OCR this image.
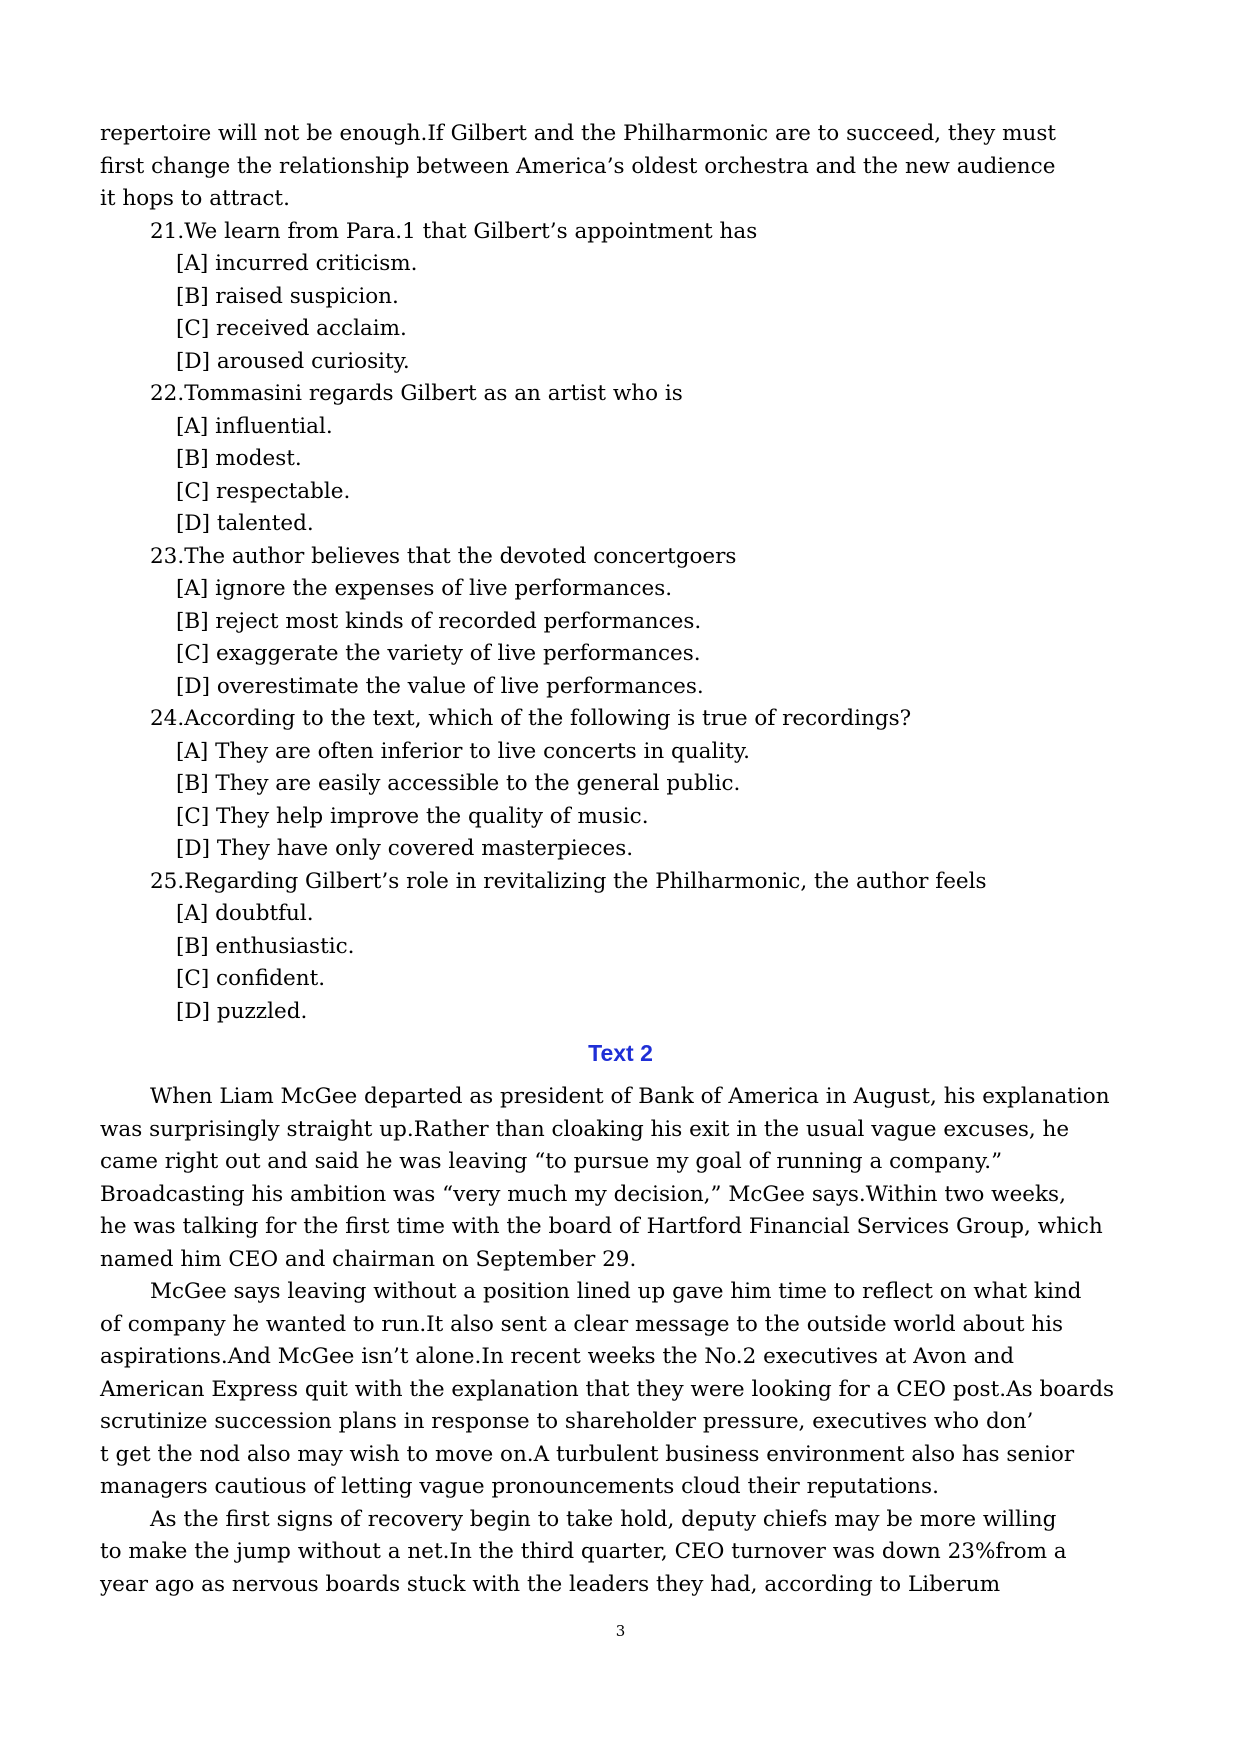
repertoire will not be enough.If Gilbert and the Philharmonic are to succeed, they must
first change the relationship between America’s oldest orchestra and the new audience
it hops to attract.
21.We learn from Para.1 that Gilbert’s appointment has
[A] incurred criticism.
[B] raised suspicion.
[C] received acclaim.
[D] aroused curiosity.
22.Tommasini regards Gilbert as an artist who is
[A] influential.
[B] modest.
[C] respectable.
[D] talented.
23.The author believes that the devoted concertgoers
[A] ignore the expenses of live performances.
[B] reject most kinds of recorded performances.
[C] exaggerate the variety of live performances.
[D] overestimate the value of live performances.
24.According to the text, which of the following is true of recordings?
[A] They are often inferior to live concerts in quality.
[B] They are easily accessible to the general public.
[C] They help improve the quality of music.
[D] They have only covered masterpieces.
25.Regarding Gilbert’s role in revitalizing the Philharmonic, the author feels
[A] doubtful.
[B] enthusiastic.
[C] confident.
[D] puzzled.
Text 2
When Liam McGee departed as president of Bank of America in August, his explanation
was surprisingly straight up.Rather than cloaking his exit in the usual vague excuses, he
came right out and said he was leaving “to pursue my goal of running a company.”
Broadcasting his ambition was “very much my decision,” McGee says.Within two weeks,
he was talking for the first time with the board of Hartford Financial Services Group, which
named him CEO and chairman on September 29.
McGee says leaving without a position lined up gave him time to reflect on what kind
of company he wanted to run.It also sent a clear message to the outside world about his
aspirations.And McGee isn’t alone.In recent weeks the No.2 executives at Avon and
American Express quit with the explanation that they were looking for a CEO post.As boards
scrutinize succession plans in response to shareholder pressure, executives who don’
t get the nod also may wish to move on.A turbulent business environment also has senior
managers cautious of letting vague pronouncements cloud their reputations.
As the first signs of recovery begin to take hold, deputy chiefs may be more willing
to make the jump without a net.In the third quarter, CEO turnover was down 23%from a
year ago as nervous boards stuck with the leaders they had, according to Liberum
3
